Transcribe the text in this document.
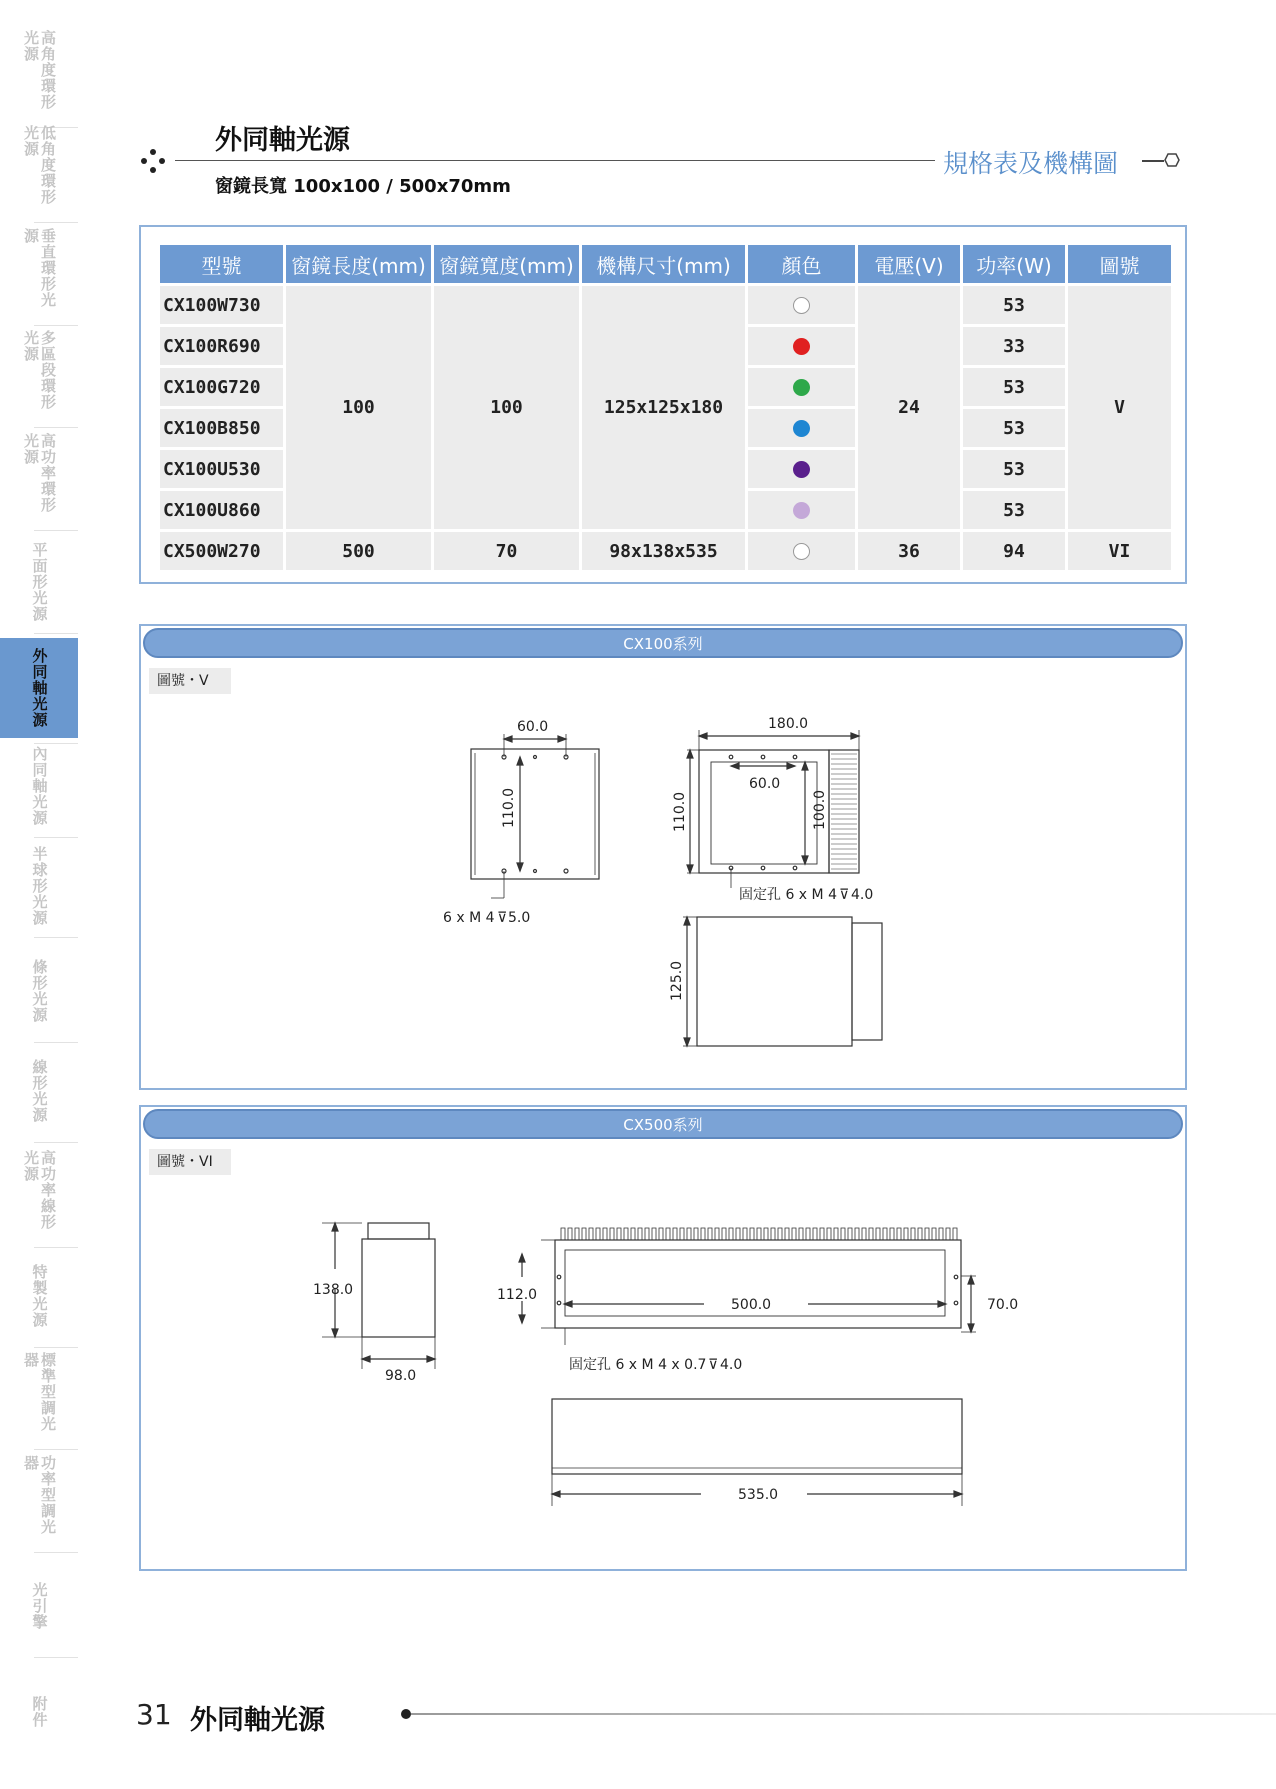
高角度環形光源
低角度環形光源
垂直環形光源
多區段環形光源
高功率環形光源
平面形光源
外同軸光源
內同軸光源
半球形光源
條形光源
線形光源
高功率線形光源
特製光源
標準型調光器
功率型調光器
光引擎
附件
外同軸光源
窗鏡長寬 100x100 / 500x70mm
規格表及機構圖
型號	窗鏡長度(mm)	窗鏡寬度(mm)	機構尺寸(mm)	顏色	電壓(V)	功率(W)	圖號
CX100W730	100	100	125x125x180		24	53	V
CX100R690						33	
CX100G720						53	
CX100B850						53	
CX100U530						53	
CX100U860						53	
CX500W270	500	70	98x138x535		36	94	VI
CX100系列
圖號・V
60.0
110.0
6 x M 4 ⊽ 5.0
180.0
60.0
110.0	100.0
固定孔 6 x M 4 ⊽ 4.0
125.0
CX500系列
圖號・VI
138.0
98.0
112.0
500.0	70.0
固定孔 6 x M 4 x 0.7 ⊽ 4.0
535.0
31 外同軸光源
